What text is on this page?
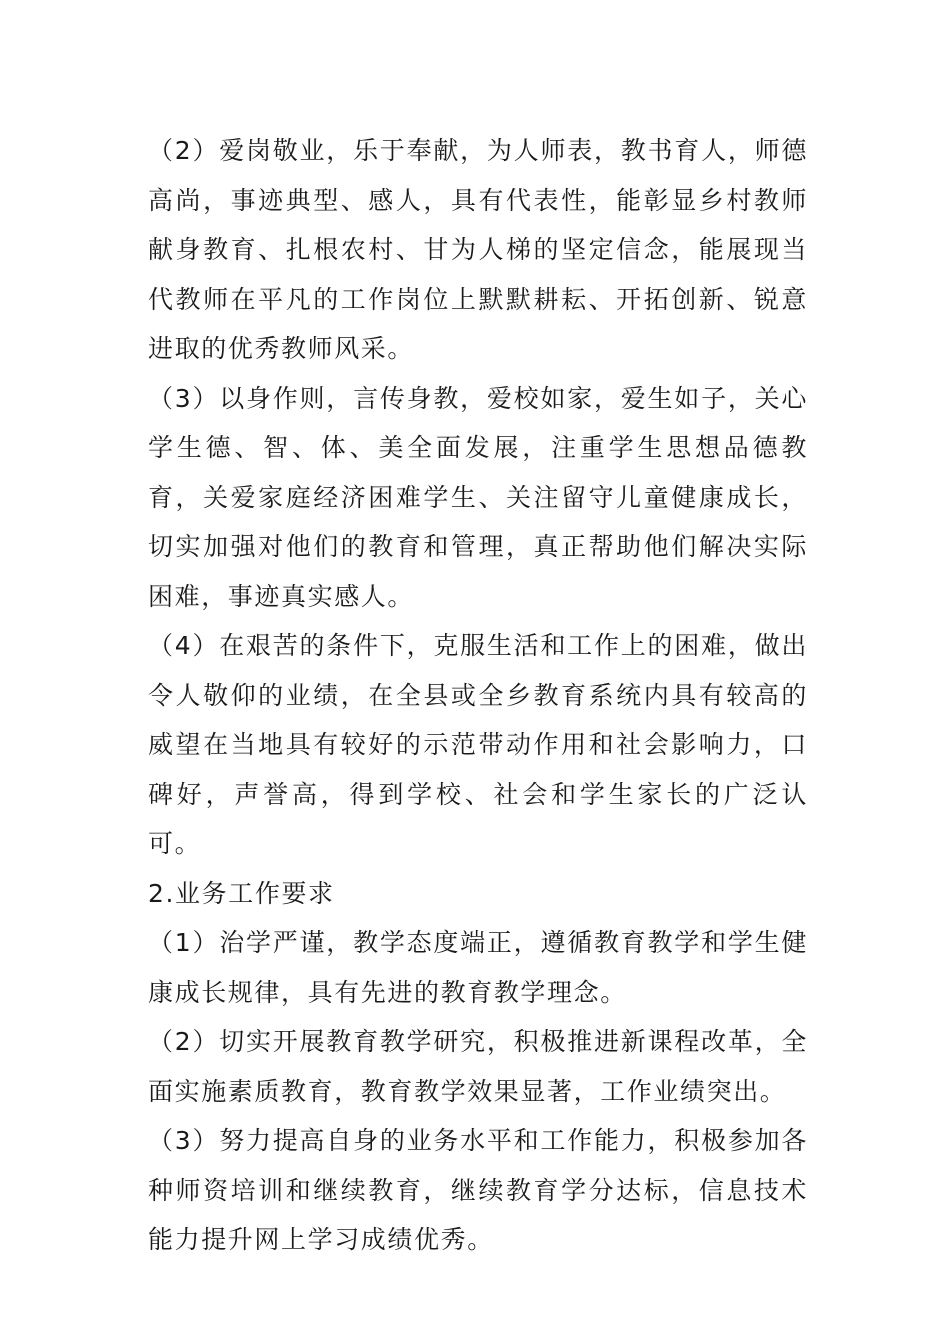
（2）爱岗敬业，乐于奉献，为人师表，教书育人，师德高尚，事迹典型、感人，具有代表性，能彰显乡村教师献身教育、扎根农村、甘为人梯的坚定信念，能展现当代教师在平凡的工作岗位上默默耕耘、开拓创新、锐意进取的优秀教师风采。

（3）以身作则，言传身教，爱校如家，爱生如子，关心学生德、智、体、美全面发展，注重学生思想品德教育，关爱家庭经济困难学生、关注留守儿童健康成长，切实加强对他们的教育和管理，真正帮助他们解决实际困难，事迹真实感人。

（4）在艰苦的条件下，克服生活和工作上的困难，做出令人敬仰的业绩，在全县或全乡教育系统内具有较高的威望在当地具有较好的示范带动作用和社会影响力，口碑好，声誉高，得到学校、社会和学生家长的广泛认可。

2.业务工作要求

（1）治学严谨，教学态度端正，遵循教育教学和学生健康成长规律，具有先进的教育教学理念。

（2）切实开展教育教学研究，积极推进新课程改革，全面实施素质教育，教育教学效果显著，工作业绩突出。

（3）努力提高自身的业务水平和工作能力，积极参加各种师资培训和继续教育，继续教育学分达标，信息技术能力提升网上学习成绩优秀。
